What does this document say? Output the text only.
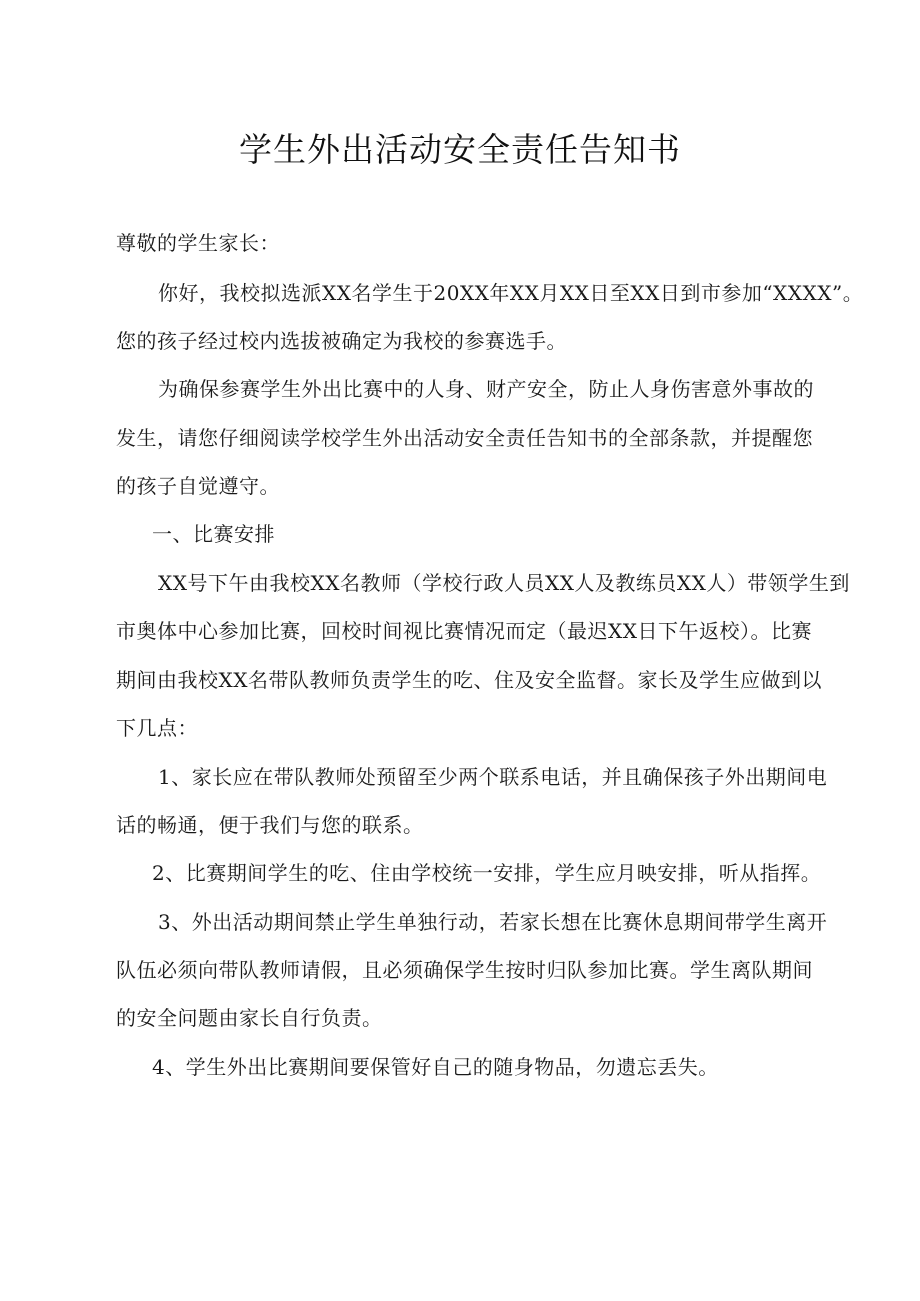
学生外出活动安全责任告知书

尊敬的学生家长：

你好，我校拟选派XX名学生于20XX年XX月XX日至XX日到市参加“XXXX”。

您的孩子经过校内选拔被确定为我校的参赛选手。

为确保参赛学生外出比赛中的人身、财产安全，防止人身伤害意外事故的

发生，请您仔细阅读学校学生外出活动安全责任告知书的全部条款，并提醒您

的孩子自觉遵守。

一、比赛安排

XX号下午由我校XX名教师（学校行政人员XX人及教练员XX人）带领学生到

市奥体中心参加比赛，回校时间视比赛情况而定（最迟XX日下午返校）。比赛

期间由我校XX名带队教师负责学生的吃、住及安全监督。家长及学生应做到以

下几点：

1、家长应在带队教师处预留至少两个联系电话，并且确保孩子外出期间电

话的畅通，便于我们与您的联系。

2、比赛期间学生的吃、住由学校统一安排，学生应月映安排，听从指挥。

3、外出活动期间禁止学生单独行动，若家长想在比赛休息期间带学生离开

队伍必须向带队教师请假，且必须确保学生按时归队参加比赛。学生离队期间

的安全问题由家长自行负责。

4、学生外出比赛期间要保管好自己的随身物品，勿遗忘丢失。
